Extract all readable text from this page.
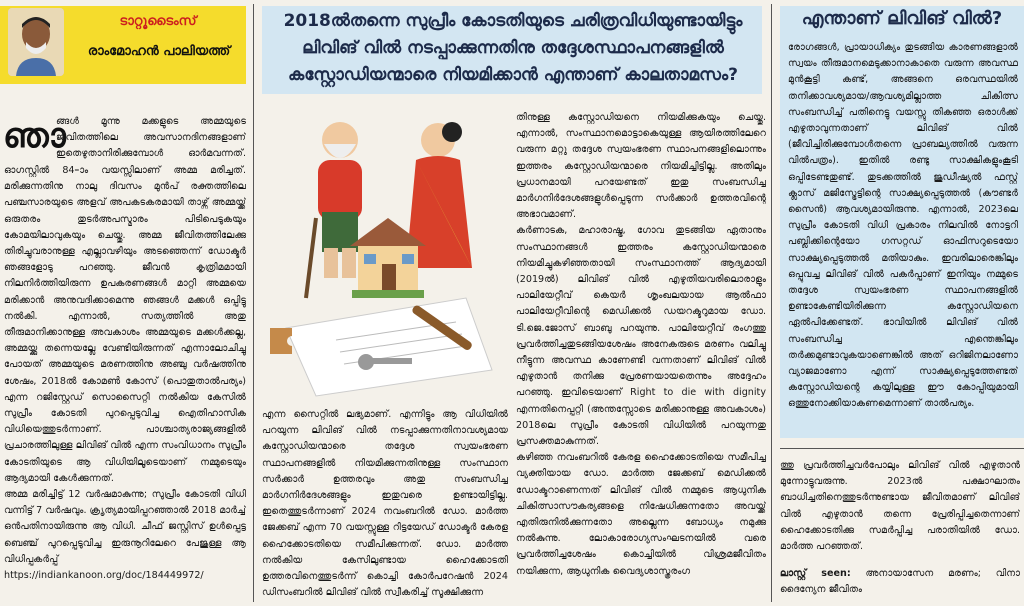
ടാറ്റൂടൈംസ്
രാംമോഹൻ പാലിയത്ത്
2018ൽതന്നെ സുപ്രീം കോടതിയുടെ ചരിത്രവിധിയുണ്ടായിട്ടും ലിവിങ് വിൽ നടപ്പാക്കുന്നതിനു തദ്ദേശസ്ഥാപനങ്ങളിൽ കസ്റ്റോഡിയന്മാരെ നിയമിക്കാൻ എന്താണ് കാലതാമസം?
ഞാ
ങ്ങൾ മൂന്നു മക്കളുടെ അമ്മയുടെ ജീവിതത്തിലെ അവസാനദിനങ്ങളാണ് ഇതെഴുതാനിരിക്കുമ്പോൾ ഓർമവന്നത്.
ഓഗസ്റ്റിൽ 84–ാം വയസ്സിലാണ് അമ്മ മരിച്ചത്. മരിക്കുന്നതിനു നാലു ദിവസം മുൻപ് രക്തത്തിലെ പഞ്ചസാരയുടെ അളവ് അപകടകരമായി താഴ്ന്ന് അമ്മയ്ക്ക് ഒരുതരം തുടർഅപസ്മാരം പിടിപെടുകയും കോമയിലാവുകയും ചെയ്തു. അമ്മ ജീവിതത്തിലേക്കു തിരിച്ചുവരാനുള്ള എല്ലാവഴിയും അടഞ്ഞെന്ന് ഡോക്ടർ ഞങ്ങളോടു പറഞ്ഞു. ജീവൻ കൃത്രിമമായി നിലനിർത്തിയിരുന്ന ഉപകരണങ്ങൾ മാറ്റി അമ്മയെ മരിക്കാൻ അനുവദിക്കാമെന്നു ഞങ്ങൾ മക്കൾ ഒപ്പിട്ടു നൽകി. എന്നാൽ, സത്യത്തിൽ അതു തീരുമാനിക്കാനുള്ള അവകാശം അമ്മയുടെ മക്കൾക്കല്ല, അമ്മയ്ക്കു തന്നെയല്ലേ വേണ്ടിയിരുന്നത് എന്നാലോചിച്ചു പോയത് അമ്മയുടെ മരണത്തിനു അഞ്ചു വർഷത്തിനു ശേഷം, 2018ൽ കോമൺ കോസ് (പൊതുതാൽപര്യം) എന്ന റജിസ്റ്റേഡ് സൊസൈറ്റി നൽകിയ കേസിൽ സുപ്രീം കോടതി പുറപ്പെടുവിച്ച ഐതിഹാസിക വിധിയെത്തുടർന്നാണ്. പാശ്ചാത്യരാജ്യങ്ങളിൽ പ്രചാരത്തിലുള്ള ലിവിങ് വിൽ എന്ന സംവിധാനം സുപ്രീം കോടതിയുടെ ആ വിധിയിലൂടെയാണ് നമ്മുടെയും ആദ്യമായി കേൾക്കുന്നത്.
അമ്മ മരിച്ചിട്ട് 12 വർഷമാകുന്നു; സുപ്രീം കോടതി വിധി വന്നിട്ട് 7 വർഷവും. ക്രൃത്യമായിപ്പറഞ്ഞാൽ 2018 മാർച്ച് ഒൻപതിനായിരുന്നു ആ വിധി. ചീഫ് ജസ്റ്റിസ് ഉൾപ്പെട്ട ബെഞ്ച് പുറപ്പെടുവിച്ച ഇരുനൂറിലേറെ പേജുള്ള ആ വിധിപ്പകർപ്പ് https://indiankanoon.org/doc/184449972/
എന്ന സൈറ്റിൽ ലഭ്യമാണ്. എന്നിട്ടും ആ വിധിയിൽ പറയുന്ന ലിവിങ് വിൽ നടപ്പാക്കുന്നതിനാവശ്യമായ കസ്റ്റോഡിയന്മാരെ തദ്ദേശ സ്വയംഭരണ സ്ഥാപനങ്ങളിൽ നിയമിക്കുന്നതിനുള്ള സംസ്ഥാന സർക്കാർ ഉത്തരവും അതു സംബന്ധിച്ച മാർഗനിർദേശങ്ങളും ഇതുവരെ ഉണ്ടായിട്ടില്ല. ഇതെത്തുടർന്നാണ് 2024 നവംബറിൽ ഡോ. മാർത്ത ജേക്കബ് എന്ന 70 വയസ്സുള്ള റിട്ടയേഡ് ഡോക്ടർ കേരള ഹൈക്കോടതിയെ സമീപിക്കുന്നത്. ഡോ. മാർത്ത നൽകിയ കേസിലുണ്ടായ ഹൈക്കോടതി ഉത്തരവിനെത്തുടർന്ന് കൊച്ചി കോർപറേഷൻ 2024 ഡിസംബറിൽ ലിവിങ് വിൽ സ്വീകരിച്ച് സൂക്ഷിക്കുന്ന
തിനുള്ള കസ്റ്റോഡിയനെ നിയമിക്കുകയും ചെയ്തു. എന്നാൽ, സംസ്ഥാനമൊട്ടാകെയുള്ള ആയിരത്തിലേറെ വരുന്ന മറ്റു തദ്ദേശ സ്വയംഭരണ സ്ഥാപനങ്ങളിലൊന്നും ഇത്തരം കസ്റ്റോഡിയന്മാരെ നിയമിച്ചിട്ടില്ല. അതിലും പ്രധാനമായി പറയേണ്ടത് ഇതു സംബന്ധിച്ച മാർഗനിർദേശങ്ങളുൾപ്പെടുന്ന സർക്കാർ ഉത്തരവിന്റെ അഭാവമാണ്.
കർണാടക, മഹാരാഷ്ട്ര, ഗോവ തുടങ്ങിയ ഏതാനും സംസ്ഥാനങ്ങൾ ഇത്തരം കസ്റ്റോഡിയന്മാരെ നിയമിച്ചുകഴിഞ്ഞതായി സംസ്ഥാനത്ത് ആദ്യമായി (2019ൽ) ലിവിങ് വിൽ എഴുതിയവരിലൊരാളും പാലിയേറ്റീവ് കെയർ ശൃംഖലയായ ആൽഫാ പാലിയേറ്റീവിന്റെ മെഡിക്കൽ ഡയറക്ടറുമായ ഡോ. ടി.ജെ.ജോസ് ബാബു പറയുന്നു. പാലിയേറ്റീവ് രംഗത്തു പ്രവർത്തിച്ചതുടങ്ങിയശേഷം അനേകരുടെ മരണം വലിച്ചു നീട്ടുന്ന അവസ്ഥ കാണേണ്ടി വന്നതാണ് ലിവിങ് വിൽ എഴുതാൻ തനിക്കു പ്രേരണയായതെന്നും അദ്ദേഹം പറഞ്ഞു. ഇവിടെയാണ് Right to die with dignity എന്നതിനെപ്പറ്റി (അന്തസ്സോടെ മരിക്കാനുള്ള അവകാശം) 2018ലെ സുപ്രീം കോടതി വിധിയിൽ പറയുന്നതു പ്രസക്തമാകുന്നത്.
കഴിഞ്ഞ നവംബറിൽ കേരള ഹൈക്കോടതിയെ സമീപിച്ച വ്യക്തിയായ ഡോ. മാർത്ത ജേക്കബ് മെഡിക്കൽ ഡോക്ടറാണെന്നത് ലിവിങ് വിൽ നമ്മുടെ ആധുനിക ചികിത്സാസൗകര്യങ്ങളെ നിഷേധിക്കുന്നതോ അവയ്ക്ക് എതിരുനിൽക്കുന്നതോ അല്ലെന്ന ബോധ്യം നമുക്കു നൽകുന്നു. ലോകാരോഗ്യസംഘടനയിൽ വരെ പ്രവർത്തിച്ചശേഷം കൊച്ചിയിൽ വിശ്രമജീവിതം നയിക്കുന്ന, ആധുനിക വൈദ്യശാസ്ത്രരംഗ
എന്താണ് ലിവിങ് വിൽ?
രോഗങ്ങൾ, പ്രായാധിക്യം തുടങ്ങിയ കാരണങ്ങളാൽ സ്വയം തീരുമാനമെടുക്കാനാകാതെ വരുന്ന അവസ്ഥ മുൻകൂട്ടി കണ്ട്, അങ്ങനെ ഒരവസ്ഥയിൽ തനിക്കാവശ്യമായ/ആവശ്യമില്ലാത്ത ചികിത്സ സംബന്ധിച്ച് പതിനെട്ടു വയസ്സു തികഞ്ഞ ഒരാൾക്ക് എഴുതാവുന്നതാണ് ലിവിങ് വിൽ (ജീവിച്ചിരിക്കുമ്പോൾതന്നെ പ്രാബല്യത്തിൽ വരുന്ന വിൽപത്രം). ഇതിൽ രണ്ടു സാക്ഷികളുംകൂടി ഒപ്പിടേണ്ടതുണ്ട്. തുടക്കത്തിൽ ജുഡീഷ്യൽ ഫസ്റ്റ് ക്ലാസ് മജിസ്ട്രേട്ടിന്റെ സാക്ഷ്യപ്പെടുത്തൽ (കൗണ്ടർ സൈൻ) ആവശ്യമായിരുന്നു. എന്നാൽ, 2023ലെ സുപ്രീം കോടതി വിധി പ്രകാരം നിലവിൽ നോട്ടറി പബ്ലിക്കിന്റെയോ ഗസറ്റഡ് ഓഫിസറുടെയോ സാക്ഷ്യപ്പെടുത്തൽ മതിയാകും. ഇവരിലാരെങ്കിലും ഒപ്പുവച്ച ലിവിങ് വിൽ പകർപ്പാണ് ഇനിയും നമ്മുടെ തദ്ദേശ സ്വയംഭരണ സ്ഥാപനങ്ങളിൽ ഉണ്ടാകേണ്ടിയിരിക്കുന്ന കസ്റ്റോഡിയനെ ഏൽപിക്കേണ്ടത്. ഭാവിയിൽ ലിവിങ് വിൽ സംബന്ധിച്ച എന്തെങ്കിലും തർക്കമുണ്ടാവുകയാണെങ്കിൽ അത് ഒറിജിനലാണോ വ്യാജമാണോ എന്ന് സാക്ഷ്യപ്പെടുത്തേണ്ടത് കസ്റ്റോഡിയന്റെ കയ്യിലുള്ള ഈ കോപ്പിയുമായി ഒത്തുനോക്കിയാകണമെന്നാണ് താൽപര്യം.
ത്തു പ്രവർത്തിച്ചവർപോലും ലിവിങ് വിൽ എഴുതാൻ മുന്നോട്ടുവരുന്നു. 2023ൽ പക്ഷാഘാതം ബാധിച്ചതിനെത്തുടർന്നുണ്ടായ ജീവിതമാണ് ലിവിങ് വിൽ എഴുതാൻ തന്നെ പ്രേരിപ്പിച്ചതെന്നാണ് ഹൈക്കോടതിക്കു സമർപ്പിച്ച പരാതിയിൽ ഡോ. മാർത്ത പറഞ്ഞത്.
ലാസ്റ്റ് seen: അനായാസേന മരണം; വിനാ ദൈന്യേന ജീവിതം
